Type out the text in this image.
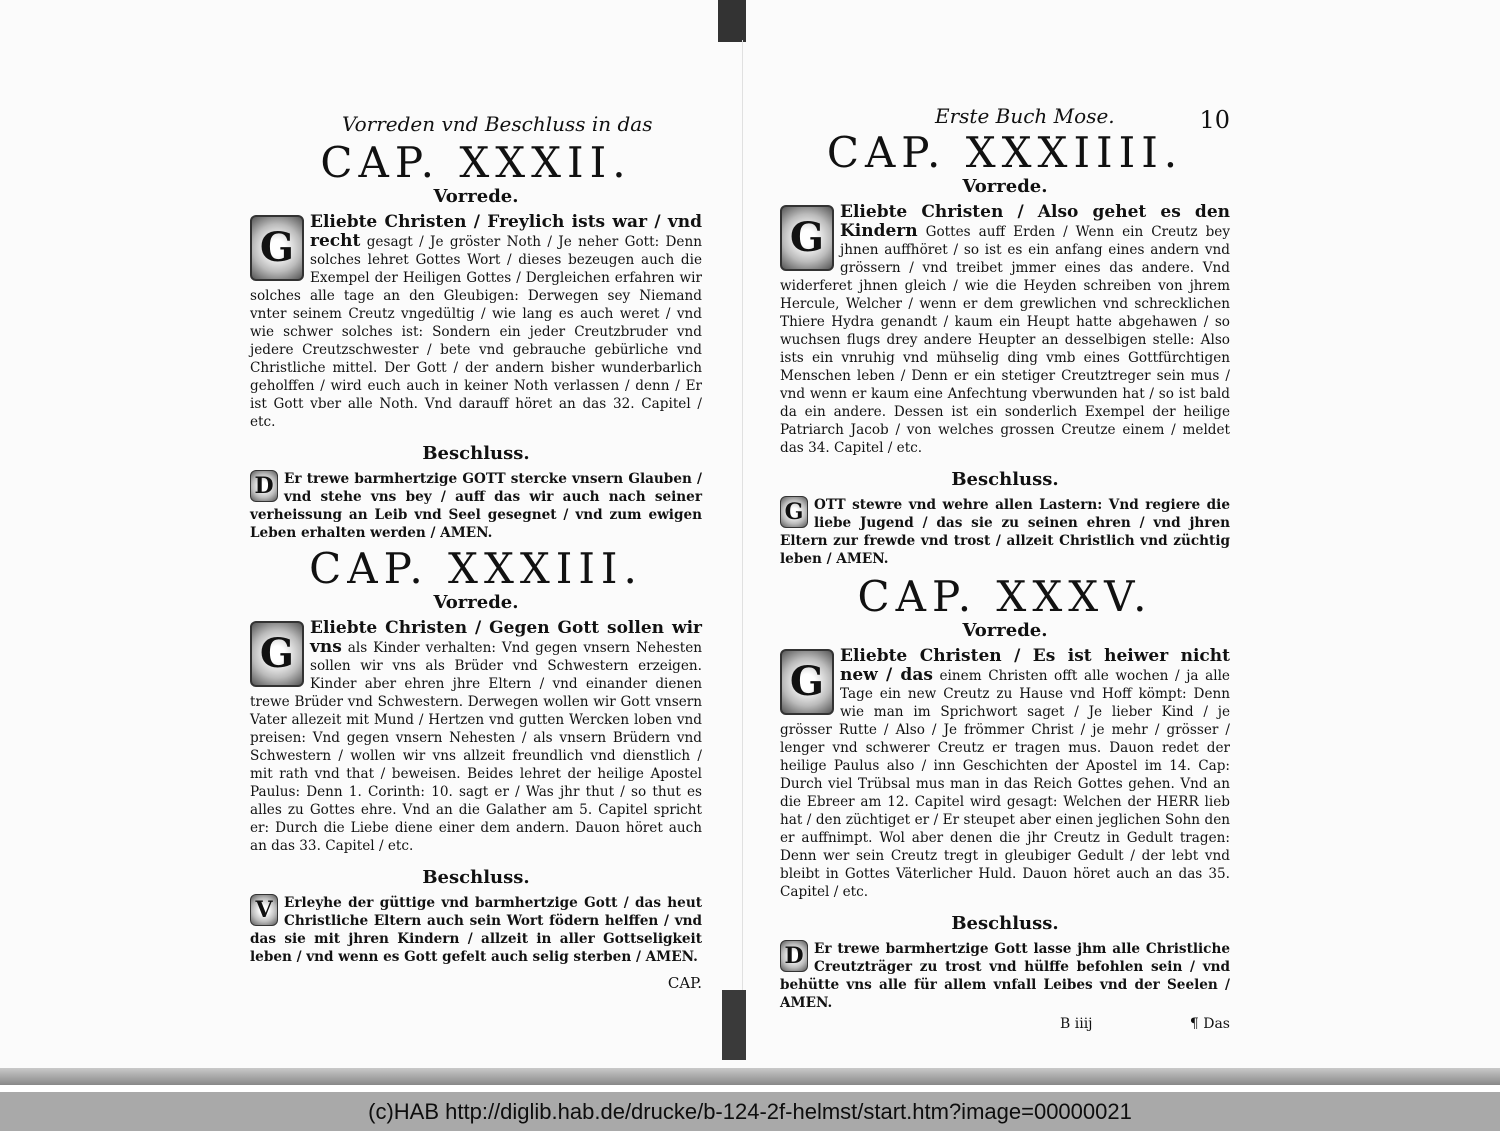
Vorreden vnd Beschluss in das
CAP. XXXII.
Vorrede.

G
Eliebte Christen / Freylich ists war / vnd recht gesagt / Je gröster Noth / Je neher Gott: Denn solches lehret Gottes Wort / dieses bezeugen auch die Exempel der Heiligen Gottes / Dergleichen erfahren wir solches alle tage an den Gleubigen: Derwegen sey Niemand vnter seinem Creutz vngedültig / wie lang es auch weret / vnd wie schwer solches ist: Sondern ein jeder Creutzbruder vnd jedere Creutzschwester / bete vnd gebrauche gebürliche vnd Christliche mittel. Der Gott / der andern bisher wunderbarlich geholffen / wird euch auch in keiner Noth verlassen / denn / Er ist Gott vber alle Noth. Vnd darauff höret an das 32. Capitel / etc.

Beschluss.

D Er trewe barmhertzige GOTT stercke vnsern Glauben / vnd stehe vns bey / auff das wir auch nach seiner verheissung an Leib vnd Seel gesegnet / vnd zum ewigen Leben erhalten werden / AMEN.

CAP. XXXIII.
Vorrede.

G
Eliebte Christen / Gegen Gott sollen wir vns als Kinder verhalten: Vnd gegen vnsern Nehesten sollen wir vns als Brüder vnd Schwestern erzeigen. Kinder aber ehren jhre Eltern / vnd einander dienen trewe Brüder vnd Schwestern. Derwegen wollen wir Gott vnsern Vater allezeit mit Mund / Hertzen vnd gutten Wercken loben vnd preisen: Vnd gegen vnsern Nehesten / als vnsern Brüdern vnd Schwestern / wollen wir vns allzeit freundlich vnd dienstlich / mit rath vnd that / beweisen. Beides lehret der heilige Apostel Paulus: Denn 1. Corinth: 10. sagt er / Was jhr thut / so thut es alles zu Gottes ehre. Vnd an die Galather am 5. Capitel spricht er: Durch die Liebe diene einer dem andern. Dauon höret auch an das 33. Capitel / etc.

Beschluss.

V Erleyhe der güttige vnd barmhertzige Gott / das heut Christliche Eltern auch sein Wort födern helffen / vnd das sie mit jhren Kindern / allzeit in aller Gottseligkeit leben / vnd wenn es Gott gefelt auch selig sterben / AMEN.

CAP.
Erste Buch Mose.	10
CAP. XXXIIII.
Vorrede.

G
Eliebte Christen / Also gehet es den Kindern Gottes auff Erden / Wenn ein Creutz bey jhnen auffhöret / so ist es ein anfang eines andern vnd grössern / vnd treibet jmmer eines das andere. Vnd widerferet jhnen gleich / wie die Heyden schreiben von jhrem Hercule, Welcher / wenn er dem grewlichen vnd schrecklichen Thiere Hydra genandt / kaum ein Heupt hatte abgehawen / so wuchsen flugs drey andere Heupter an desselbigen stelle: Also ists ein vnruhig vnd mühselig ding vmb eines Gottfürchtigen Menschen leben / Denn er ein stetiger Creutztreger sein mus / vnd wenn er kaum eine Anfechtung vberwunden hat / so ist bald da ein andere. Dessen ist ein sonderlich Exempel der heilige Patriarch Jacob / von welches grossen Creutze einem / meldet das 34. Capitel / etc.

Beschluss.

G OTT stewre vnd wehre allen Lastern: Vnd regiere die liebe Jugend / das sie zu seinen ehren / vnd jhren Eltern zur frewde vnd trost / allzeit Christlich vnd züchtig leben / AMEN.

CAP. XXXV.
Vorrede.

G
Eliebte Christen / Es ist heiwer nicht new / das einem Christen offt alle wochen / ja alle Tage ein new Creutz zu Hause vnd Hoff kömpt: Denn wie man im Sprichwort saget / Je lieber Kind / je grösser Rutte / Also / Je frömmer Christ / je mehr / grösser / lenger vnd schwerer Creutz er tragen mus. Dauon redet der heilige Paulus also / inn Geschichten der Apostel im 14. Cap: Durch viel Trübsal mus man in das Reich Gottes gehen. Vnd an die Ebreer am 12. Capitel wird gesagt: Welchen der HERR lieb hat / den züchtiget er / Er steupet aber einen jeglichen Sohn den er auffnimpt. Wol aber denen die jhr Creutz in Gedult tragen: Denn wer sein Creutz tregt in gleubiger Gedult / der lebt vnd bleibt in Gottes Väterlicher Huld. Dauon höret auch an das 35. Capitel / etc.

Beschluss.

D Er trewe barmhertzige Gott lasse jhm alle Christliche Creutzträger zu trost vnd hülffe befohlen sein / vnd behütte vns alle für allem vnfall Leibes vnd der Seelen / AMEN.

B iiij	¶ Das
(c)HAB http://diglib.hab.de/drucke/b-124-2f-helmst/start.htm?image=00000021
